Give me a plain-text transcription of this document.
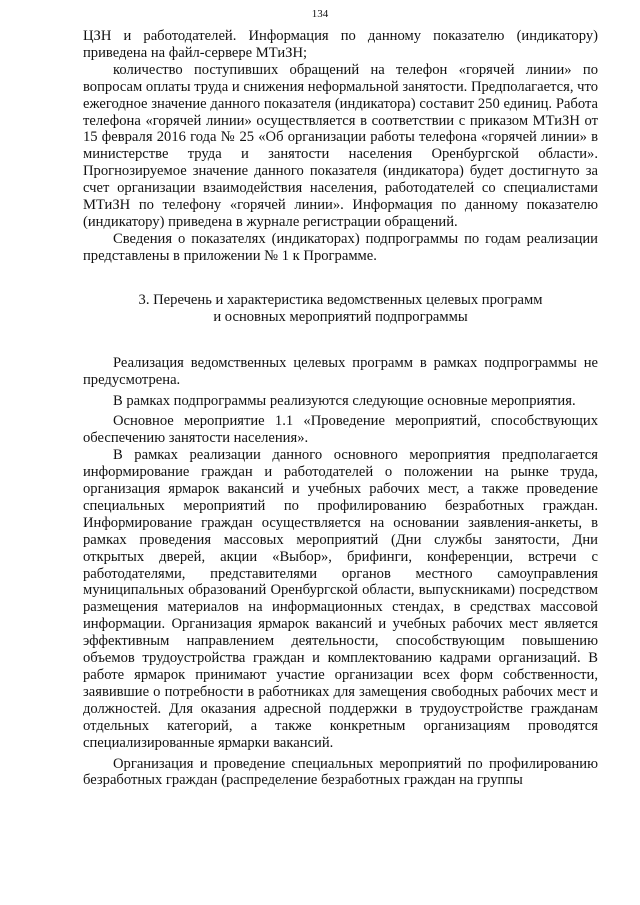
134

ЦЗН и работодателей. Информация по данному показателю (индикатору) приведена на файл-сервере МТиЗН;

количество поступивших обращений на телефон «горячей линии» по вопросам оплаты труда и снижения неформальной занятости. Предполагается, что ежегодное значение данного показателя (индикатора) составит 250 единиц. Работа телефона «горячей линии» осуществляется в соответствии с приказом МТиЗН от 15 февраля 2016 года № 25 «Об организации работы телефона «горячей линии» в министерстве труда и занятости населения Оренбургской области». Прогнозируемое значение данного показателя (индикатора) будет достигнуто за счет организации взаимодействия населения, работодателей со специалистами МТиЗН по телефону «горячей линии». Информация по данному показателю (индикатору) приведена в журнале регистрации обращений.

Сведения о показателях (индикаторах) подпрограммы по годам реализации представлены в приложении № 1 к Программе.

3. Перечень и характеристика ведомственных целевых программ
и основных мероприятий подпрограммы

Реализация ведомственных целевых программ в рамках подпрограммы не предусмотрена.

В рамках подпрограммы реализуются следующие основные мероприятия.

Основное мероприятие 1.1 «Проведение мероприятий, способствующих обеспечению занятости населения».

В рамках реализации данного основного мероприятия предполагается информирование граждан и работодателей о положении на рынке труда, организация ярмарок вакансий и учебных рабочих мест, а также проведение специальных мероприятий по профилированию безработных граждан. Информирование граждан осуществляется на основании заявления-анкеты, в рамках проведения массовых мероприятий (Дни службы занятости, Дни открытых дверей, акции «Выбор», брифинги, конференции, встречи с работодателями, представителями органов местного самоуправления муниципальных образований Оренбургской области, выпускниками) посредством размещения материалов на информационных стендах, в средствах массовой информации. Организация ярмарок вакансий и учебных рабочих мест является эффективным направлением деятельности, способствующим повышению объемов трудоустройства граждан и комплектованию кадрами организаций. В работе ярмарок принимают участие организации всех форм собственности, заявившие о потребности в работниках для замещения свободных рабочих мест и должностей. Для оказания адресной поддержки в трудоустройстве гражданам отдельных категорий, а также конкретным организациям проводятся специализированные ярмарки вакансий.

Организация и проведение специальных мероприятий по профилированию безработных граждан (распределение безработных граждан на группы
